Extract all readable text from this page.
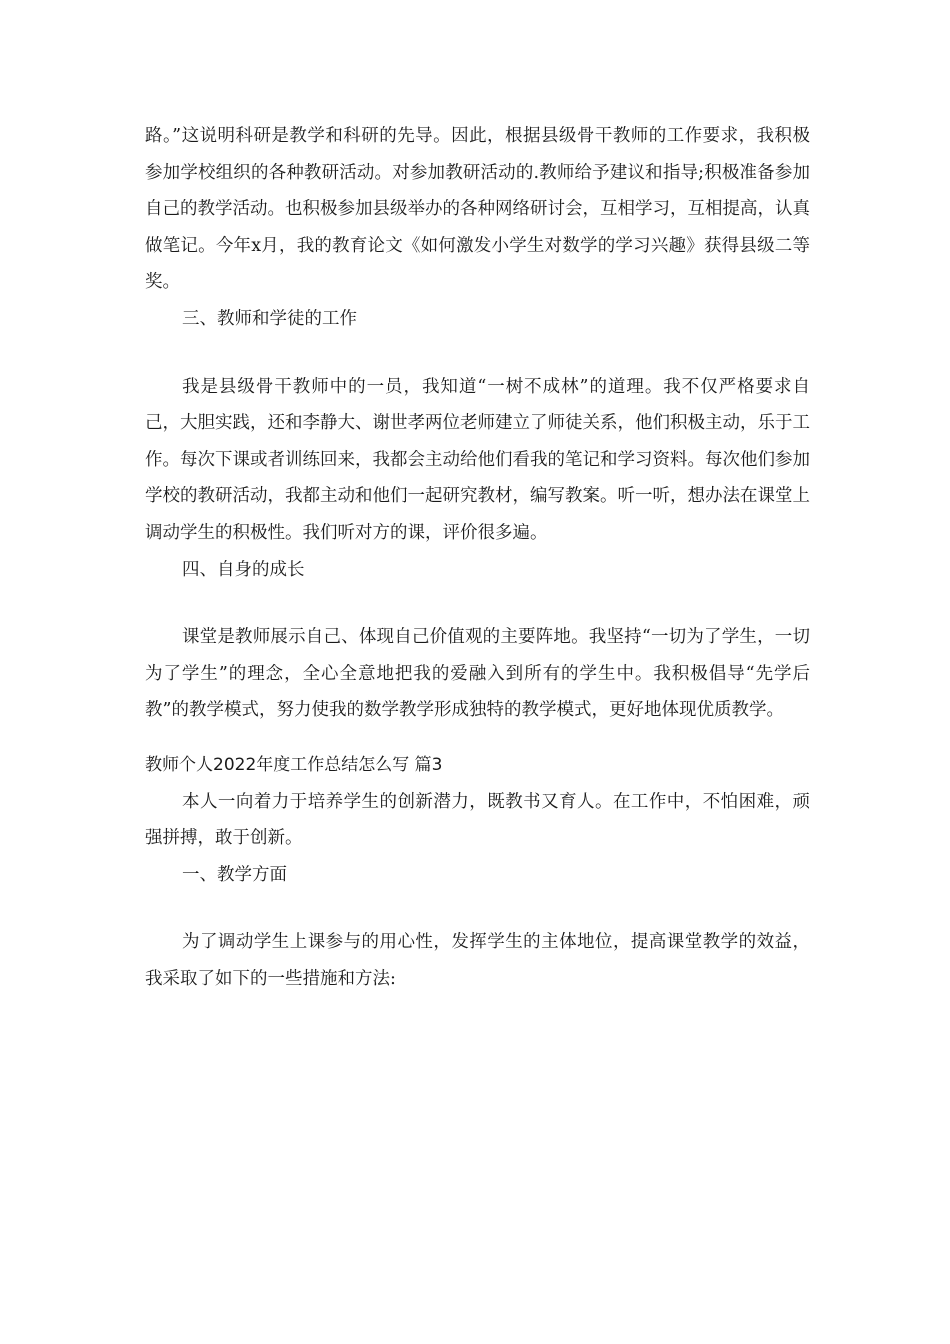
路。”这说明科研是教学和科研的先导。因此，根据县级骨干教师的工作要求，我积极参加学校组织的各种教研活动。对参加教研活动的.教师给予建议和指导;积极准备参加自己的教学活动。也积极参加县级举办的各种网络研讨会，互相学习，互相提高，认真做笔记。今年x月，我的教育论文《如何激发小学生对数学的学习兴趣》获得县级二等奖。

三、教师和学徒的工作

我是县级骨干教师中的一员，我知道“一树不成林”的道理。我不仅严格要求自己，大胆实践，还和李静大、谢世孝两位老师建立了师徒关系，他们积极主动，乐于工作。每次下课或者训练回来，我都会主动给他们看我的笔记和学习资料。每次他们参加学校的教研活动，我都主动和他们一起研究教材，编写教案。听一听，想办法在课堂上调动学生的积极性。我们听对方的课，评价很多遍。

四、自身的成长

课堂是教师展示自己、体现自己价值观的主要阵地。我坚持“一切为了学生，一切为了学生”的理念，全心全意地把我的爱融入到所有的学生中。我积极倡导“先学后教”的教学模式，努力使我的数学教学形成独特的教学模式，更好地体现优质教学。

教师个人2022年度工作总结怎么写 篇3

本人一向着力于培养学生的创新潜力，既教书又育人。在工作中，不怕困难，顽强拼搏，敢于创新。

一、教学方面

为了调动学生上课参与的用心性，发挥学生的主体地位，提高课堂教学的效益，我采取了如下的一些措施和方法:
